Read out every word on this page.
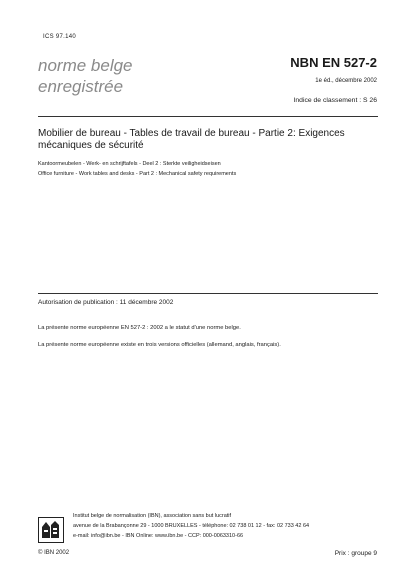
ICS 97.140
norme belge
enregistrée
NBN EN 527-2
1e éd., décembre 2002
Indice de classement : S 26
Mobilier de bureau - Tables de travail de bureau - Partie 2: Exigences mécaniques de sécurité
Kantoormeubelen - Werk- en schrijftafels - Deel 2 : Sterkte veiligheidseisen
Office furniture - Work tables and desks - Part 2 : Mechanical safety requirements
Autorisation de publication : 11 décembre 2002
La présente norme européenne EN 527-2 : 2002 a le statut d'une norme belge.
La présente norme européenne existe en trois versions officielles (allemand, anglais, français).
Institut belge de normalisation (IBN), association sans but lucratif
avenue de la Brabançonne 29 - 1000 BRUXELLES - téléphone: 02 738 01 12 - fax: 02 733 42 64
e-mail: info@ibn.be - IBN Online: www.ibn.be - CCP: 000-0063310-66
© IBN 2002	Prix : groupe 9
